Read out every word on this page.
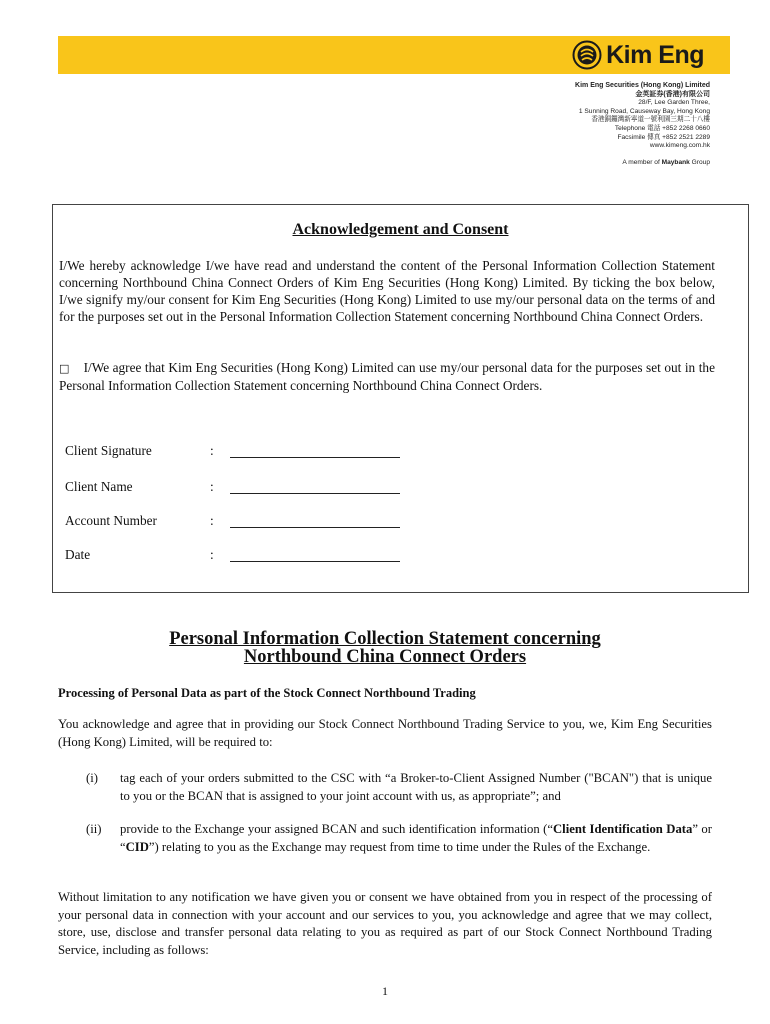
Kim Eng
Kim Eng Securities (Hong Kong) Limited
金英証券(香港)有限公司
28/F, Lee Garden Three,
1 Sunning Road, Causeway Bay, Hong Kong
香港銅鑼灣新寧道一號利園三期二十八樓
Telephone 電話 +852 2268 0660
Facsimile 傳真 +852 2521 2289
www.kimeng.com.hk
A member of Maybank Group
Acknowledgement and Consent
I/We hereby acknowledge I/we have read and understand the content of the Personal Information Collection Statement concerning Northbound China Connect Orders of Kim Eng Securities (Hong Kong) Limited. By ticking the box below, I/we signify my/our consent for Kim Eng Securities (Hong Kong) Limited to use my/our personal data on the terms of and for the purposes set out in the Personal Information Collection Statement concerning Northbound China Connect Orders.
□ I/We agree that Kim Eng Securities (Hong Kong) Limited can use my/our personal data for the purposes set out in the Personal Information Collection Statement concerning Northbound China Connect Orders.
Client Signature	:
Client Name	:
Account Number	:
Date	:
Personal Information Collection Statement concerning
Northbound China Connect Orders
Processing of Personal Data as part of the Stock Connect Northbound Trading
You acknowledge and agree that in providing our Stock Connect Northbound Trading Service to you, we, Kim Eng Securities (Hong Kong) Limited, will be required to:
(i) tag each of your orders submitted to the CSC with “a Broker-to-Client Assigned Number ("BCAN") that is unique to you or the BCAN that is assigned to your joint account with us, as appropriate”; and
(ii) provide to the Exchange your assigned BCAN and such identification information (“Client Identification Data” or “CID”) relating to you as the Exchange may request from time to time under the Rules of the Exchange.
Without limitation to any notification we have given you or consent we have obtained from you in respect of the processing of your personal data in connection with your account and our services to you, you acknowledge and agree that we may collect, store, use, disclose and transfer personal data relating to you as required as part of our Stock Connect Northbound Trading Service, including as follows:
1
